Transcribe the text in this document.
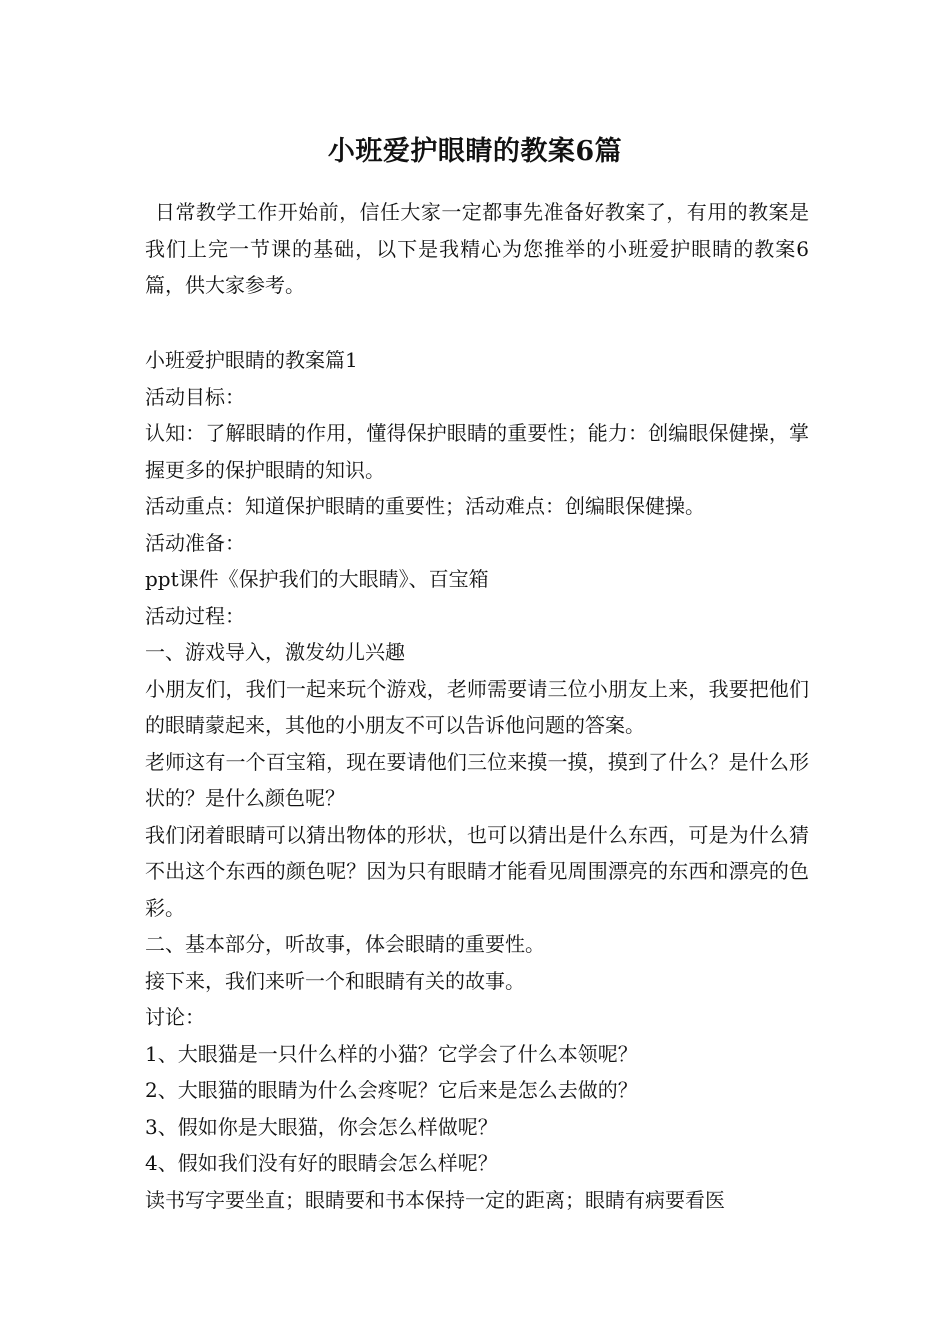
小班爱护眼睛的教案6篇

日常教学工作开始前，信任大家一定都事先准备好教案了，有用的教案是我们上完一节课的基础，以下是我精心为您推举的小班爱护眼睛的教案6篇，供大家参考。

小班爱护眼睛的教案篇1

活动目标：

认知：了解眼睛的作用，懂得保护眼睛的重要性；能力：创编眼保健操，掌握更多的保护眼睛的知识。

活动重点：知道保护眼睛的重要性；活动难点：创编眼保健操。

活动准备：

ppt课件《保护我们的大眼睛》、百宝箱

活动过程：

一、游戏导入，激发幼儿兴趣

小朋友们，我们一起来玩个游戏，老师需要请三位小朋友上来，我要把他们的眼睛蒙起来，其他的小朋友不可以告诉他问题的答案。

老师这有一个百宝箱，现在要请他们三位来摸一摸，摸到了什么？是什么形状的？是什么颜色呢？

我们闭着眼睛可以猜出物体的形状，也可以猜出是什么东西，可是为什么猜不出这个东西的颜色呢？因为只有眼睛才能看见周围漂亮的东西和漂亮的色彩。

二、基本部分，听故事，体会眼睛的重要性。

接下来，我们来听一个和眼睛有关的故事。

讨论：

1、大眼猫是一只什么样的小猫？它学会了什么本领呢？

2、大眼猫的眼睛为什么会疼呢？它后来是怎么去做的？

3、假如你是大眼猫，你会怎么样做呢？

4、假如我们没有好的眼睛会怎么样呢？

读书写字要坐直；眼睛要和书本保持一定的距离；眼睛有病要看医
